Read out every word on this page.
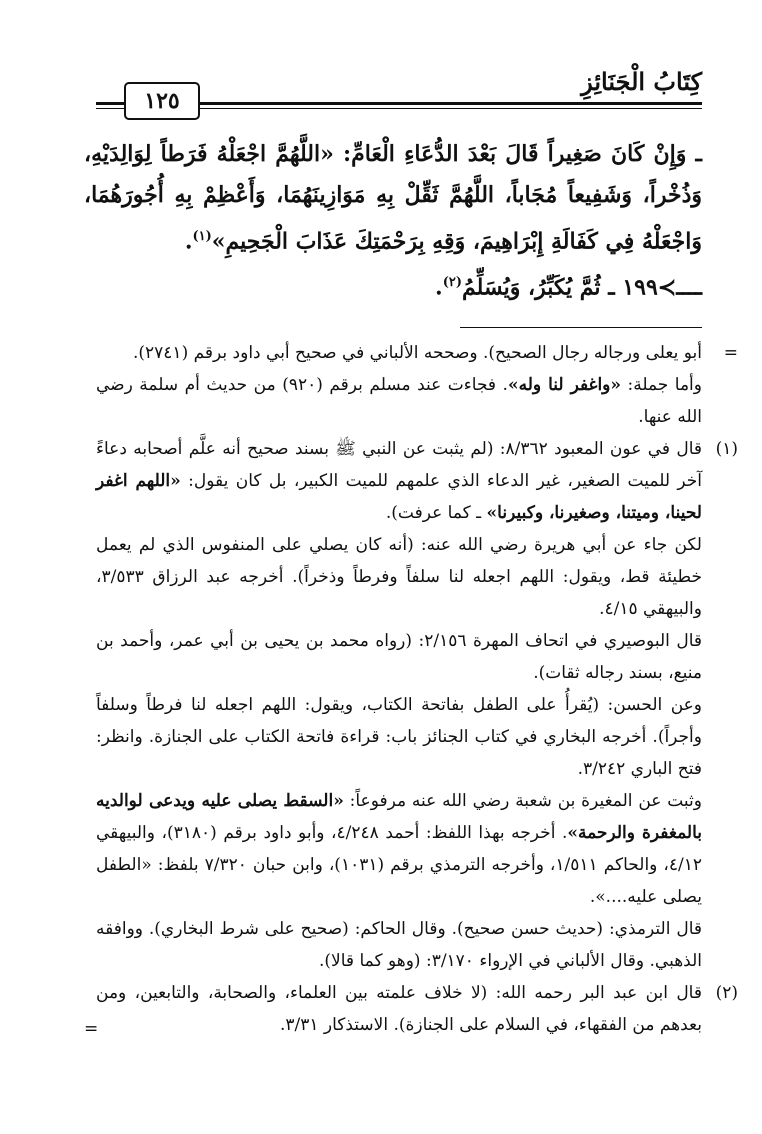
كِتَابُ الْجَنَائِزِ
١٢٥

ـ وَإِنْ كَانَ صَغِيراً قَالَ بَعْدَ الدُّعَاءِ الْعَامِّ: «اللَّهُمَّ اجْعَلْهُ فَرَطاً لِوَالِدَيْهِ، وَذُخْراً، وَشَفِيعاً مُجَاباً، اللَّهُمَّ ثَقِّلْ بِهِ مَوَازِينَهُمَا، وَأَعْظِمْ بِهِ أُجُورَهُمَا، وَاجْعَلْهُ فِي كَفَالَةِ إِبْرَاهِيمَ، وَقِهِ بِرَحْمَتِكَ عَذَابَ الْجَحِيمِ»$^{(١)}$.

ــــ≻١٩٩ ـ ثُمَّ يُكَبِّرُ، وَيُسَلِّمُ$^{(٢)}$.

=

أبو يعلى ورجاله رجال الصحيح). وصححه الألباني في صحيح أبي داود برقم (٢٧٤١).

وأما جملة: «واغفر لنا وله». فجاءت عند مسلم برقم (٩٢٠) من حديث أم سلمة رضي الله عنها.

(١)

قال في عون المعبود ٨/٣٦٢: (لم يثبت عن النبي ﷺ بسند صحيح أنه علَّم أصحابه دعاءً آخر للميت الصغير، غير الدعاء الذي علمهم للميت الكبير، بل كان يقول: «اللهم اغفر لحينا، وميتنا، وصغيرنا، وكبيرنا» ـ كما عرفت).

لكن جاء عن أبي هريرة رضي الله عنه: (أنه كان يصلي على المنفوس الذي لم يعمل خطيئة قط، ويقول: اللهم اجعله لنا سلفاً وفرطاً وذخراً). أخرجه عبد الرزاق ٣/٥٣٣، والبيهقي ٤/١٥.

قال البوصيري في اتحاف المهرة ٢/١٥٦: (رواه محمد بن يحيى بن أبي عمر، وأحمد بن منيع، بسند رجاله ثقات).

وعن الحسن: (يُقرأُ على الطفل بفاتحة الكتاب، ويقول: اللهم اجعله لنا فرطاً وسلفاً وأجراً). أخرجه البخاري في كتاب الجنائز باب: قراءة فاتحة الكتاب على الجنازة. وانظر: فتح الباري ٣/٢٤٢.

وثبت عن المغيرة بن شعبة رضي الله عنه مرفوعاً: «السقط يصلى عليه ويدعى لوالديه بالمغفرة والرحمة». أخرجه بهذا اللفظ: أحمد ٤/٢٤٨، وأبو داود برقم (٣١٨٠)، والبيهقي ٤/١٢، والحاكم ١/٥١١، وأخرجه الترمذي برقم (١٠٣١)، وابن حبان ٧/٣٢٠ بلفظ: «الطفل يصلى عليه....».

قال الترمذي: (حديث حسن صحيح). وقال الحاكم: (صحيح على شرط البخاري). ووافقه الذهبي. وقال الألباني في الإرواء ٣/١٧٠: (وهو كما قالا).

(٢)

قال ابن عبد البر رحمه الله: (لا خلاف علمته بين العلماء، والصحابة، والتابعين، ومن بعدهم من الفقهاء، في السلام على الجنازة). الاستذكار ٣/٣١.

=
